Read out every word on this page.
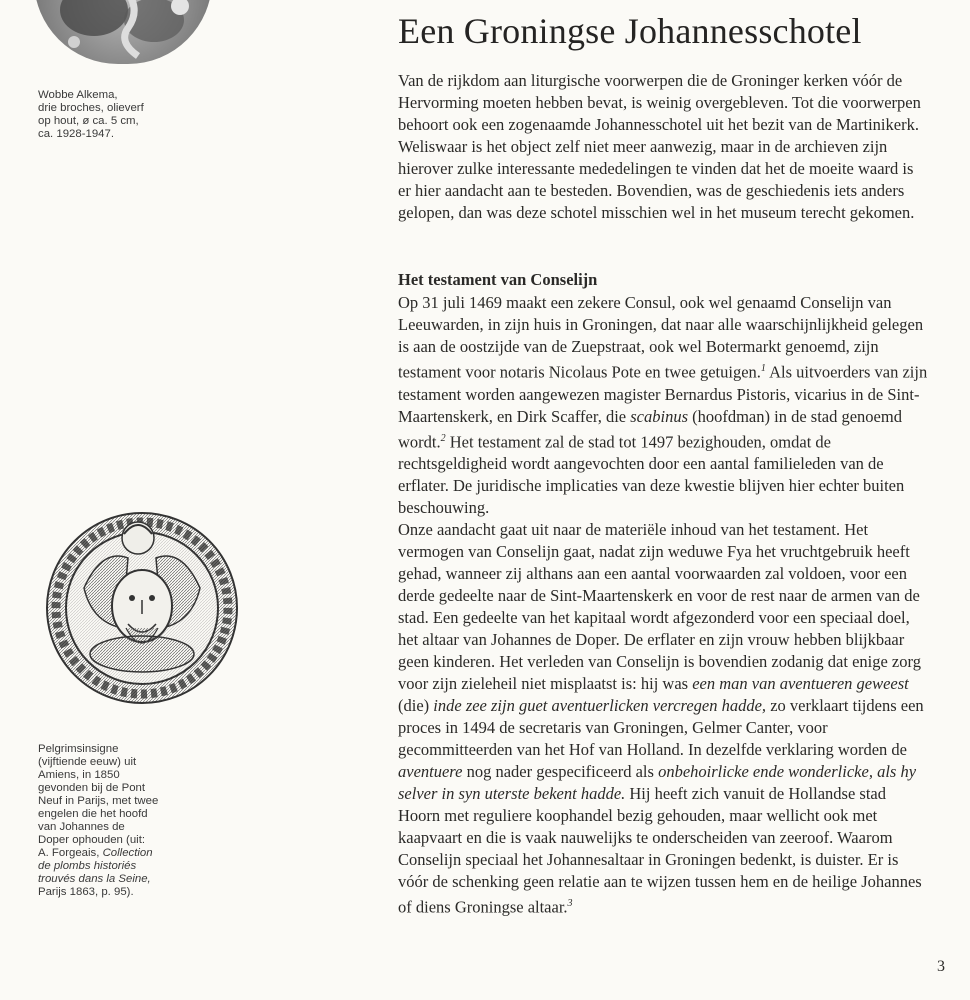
Wobbe Alkema,
drie broches, olieverf
op hout, ø ca. 5 cm,
ca. 1928-1947.
Pelgrimsinsigne
(vijftiende eeuw) uit
Amiens, in 1850
gevonden bij de Pont
Neuf in Parijs, met twee
engelen die het hoofd
van Johannes de
Doper ophouden (uit:
A. Forgeais, Collection
de plombs historiés
trouvés dans la Seine,
Parijs 1863, p. 95).
Een Groningse Johannesschotel

Van de rijkdom aan liturgische voorwerpen die de Groninger kerken vóór de Hervorming moeten hebben bevat, is weinig overgebleven. Tot die voorwerpen behoort ook een zogenaamde Johannesschotel uit het bezit van de Martinikerk. Weliswaar is het object zelf niet meer aanwezig, maar in de archieven zijn hierover zulke interessante mededelingen te vinden dat het de moeite waard is er hier aandacht aan te besteden. Bovendien, was de geschiedenis iets anders gelopen, dan was deze schotel misschien wel in het museum terecht gekomen.

Het testament van Conselijn

Op 31 juli 1469 maakt een zekere Consul, ook wel genaamd Conselijn van Leeuwarden, in zijn huis in Groningen, dat naar alle waarschijnlijkheid gelegen is aan de oostzijde van de Zuepstraat, ook wel Botermarkt genoemd, zijn testament voor notaris Nicolaus Pote en twee getuigen.$^1$ Als uitvoerders van zijn testament worden aangewezen magister Bernardus Pistoris, vicarius in de Sint-Maartenskerk, en Dirk Scaffer, die scabinus (hoofdman) in de stad genoemd wordt.$^2$ Het testament zal de stad tot 1497 bezighouden, omdat de rechtsgeldigheid wordt aangevochten door een aantal familieleden van de erflater. De juridische implicaties van deze kwestie blijven hier echter buiten beschouwing.

Onze aandacht gaat uit naar de materiële inhoud van het testament. Het vermogen van Conselijn gaat, nadat zijn weduwe Fya het vruchtgebruik heeft gehad, wanneer zij althans aan een aantal voorwaarden zal voldoen, voor een derde gedeelte naar de Sint-Maartenskerk en voor de rest naar de armen van de stad. Een gedeelte van het kapitaal wordt afgezonderd voor een speciaal doel, het altaar van Johannes de Doper. De erflater en zijn vrouw hebben blijkbaar geen kinderen. Het verleden van Conselijn is bovendien zodanig dat enige zorg voor zijn zieleheil niet misplaatst is: hij was een man van aventueren geweest (die) inde zee zijn guet aventuerlicken vercregen hadde, zo verklaart tijdens een proces in 1494 de secretaris van Groningen, Gelmer Canter, voor gecommitteerden van het Hof van Holland. In dezelfde verklaring worden de aventuere nog nader gespecificeerd als onbehoirlicke ende wonderlicke, als hy selver in syn uterste bekent hadde. Hij heeft zich vanuit de Hollandse stad Hoorn met reguliere koophandel bezig gehouden, maar wellicht ook met kaapvaart en die is vaak nauwelijks te onderscheiden van zeeroof. Waarom Conselijn speciaal het Johannesaltaar in Groningen bedenkt, is duister. Er is vóór de schenking geen relatie aan te wijzen tussen hem en de heilige Johannes of diens Groningse altaar.$^3$

3
